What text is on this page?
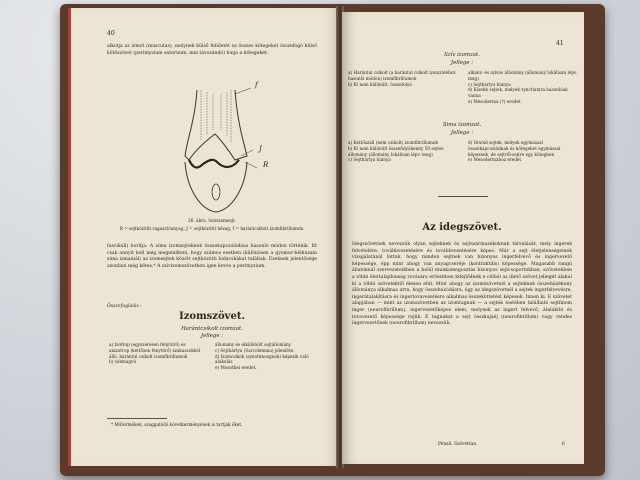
40
alkotja az izmot (musculus), melynek külső felületét az összes kötegeket összefogó külső kötőszövet (perimysium externum, mm távozándó) fonja a kötegeket.
f
J
R
26. ábra. Szívizomsejt.
R = sejtközötti ragasztóanyag, J = sejtközötti hézag, f = harántcsíkolt izomfibrillumok.
fascikuli) borítja. A sima izomsejteknek összekapcsolódása hasonló módon történik. Itt csak annyit kell még megemlíteni, hogy számos esetben (különösen a gyomor-bélhuzam sima izmainál) az izomsejtek között sejtközötti hidacskákat találtak. Ezeknek jelentősége azonban még kétes.* A szívizomszövetben igen kevés a perimysium.
Összefoglalás :
Izomszövet.
Harántcsíkolt izomzat.
Jellege :
a) Izotrop (egyszeresen fénytörő) és anizotrop (kettősen fénytörő) szakaszokból álló, harántul csíkolt izomfibrillumok
b) sokmagvú
állomány és elkülönült sejtállomány
c) Sejthártya (Sarcolemma) jelenléte.
d) Izomcsíkok (synotimusgnek) képezik való alakulás
e) Mosothei eredet.
* Műtermékek, szaggatódó következményének is tartják őket.
41
Szív izomzat.
Jellege :
a) Harántul csíkolt (a harántul csíkolt izomzatéhoz hasonló módon) izomfibrillumok
b) Ki nem különült, összefolyó
alkanz- és szívós állomány (állomány lokálisan lépv. meg)
c) Sejthártya hiánya
d) Kisebb sejtek, melyek synctiumra hasonlóak vanna
e) Mesoderma (?) eredet.
Sima izomzat.
Jellege :
a) Kettőszáll (nem csíkolt) izomfibrillumok
b) Ki nem különült összefolyókenny 50 sejtes állomány (állomány lokálisan lépv. meg)
c) Sejthártya hiánya
d) Orsóid sejtek, melyek egymással összekapcsolódnak és kötegeket egymással képeznek, de sejtről-sejtre egy kötegben
e) Mesodermához eredet.
Az idegszövet.
Idegszövetnek nevezzük olyan sejteknek és sejtszármazékoknak társulását, mely ingerek felvételére, továbbvezetésére és továbbvezetésére képes. Már a sejt életjelenségeinek vizsgálatánál láttuk, hogy minden sejtnek van bizonyos ingerfelvevő és ingervezető képessége, épp mint ahogy van anyagcseréje (kontraktilis) képessége. Magasabb rangú állatoknál szervezeteikben a belül munkamegosztás bizonyos sejtcsoportokban, szövetekben a többi élettulajdonság rovására erősebben kifejlődnek e célból az illető szövet jellegét alakul ki a többi szövetektől élesen elüt. Mint ahogy az izomszövetnél a sejteknek összehúzékony állománya alkalmas arra, hogy összehúzódásra, úgy az idegszövetnél a sejtek ingerfelvevésre, ingerátalakításra és ingertovavezetésre alkalmas összeköttetést képesek. Innen ki. E szövetet alapjában — mint az izomszövetben az izomtagnak — a sejtek testében található sejtfinom inger (neurofibrillum), ingervezetőképes elem, melynek az ingert felvevő, átalakító és tovavezető képessége rejlik. E tagnakat a sejt összkajáéj (neurofibrillum) vagy rendes ingervezetőnek (neurofibrillum) nevezzük.
Pénzli. Szövettan.	6
